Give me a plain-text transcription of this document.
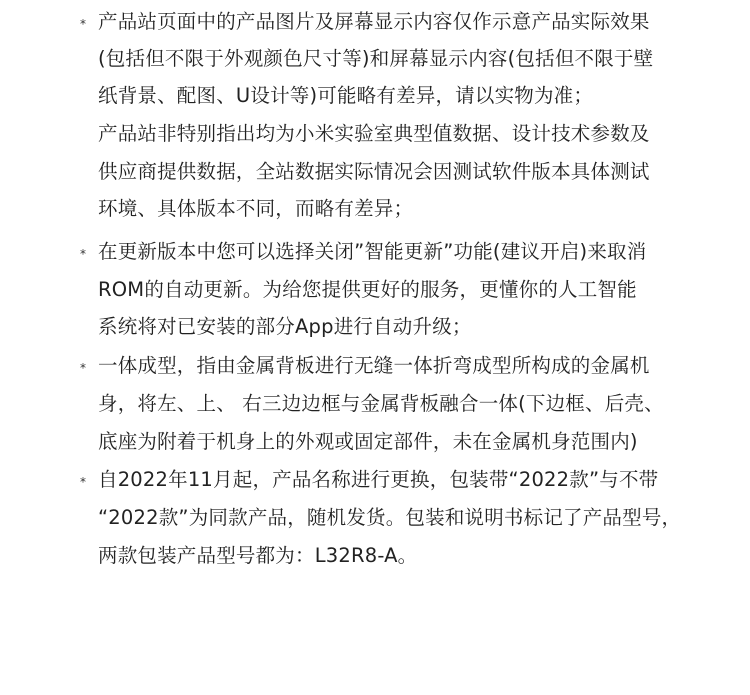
* 产品站页面中的产品图片及屏幕显示内容仅作示意产品实际效果
(包括但不限于外观颜色尺寸等)和屏幕显示内容(包括但不限于壁
纸背景、配图、U设计等)可能略有差异，请以实物为准；
产品站非特别指出均为小米实验室典型值数据、设计技术参数及
供应商提供数据，全站数据实际情况会因测试软件版本具体测试
环境、具体版本不同，而略有差异；
* 在更新版本中您可以选择关闭”智能更新”功能(建议开启)来取消
ROM的自动更新。为给您提供更好的服务，更懂你的人工智能
系统将对已安装的部分App进行自动升级；
* 一体成型，指由金属背板进行无缝一体折弯成型所构成的金属机
身，将左、上、 右三边边框与金属背板融合一体(下边框、后壳、
底座为附着于机身上的外观或固定部件，未在金属机身范围内)
* 自2022年11月起，产品名称进行更换，包装带“2022款”与不带
“2022款”为同款产品，随机发货。包装和说明书标记了产品型号，
两款包装产品型号都为：L32R8-A。
